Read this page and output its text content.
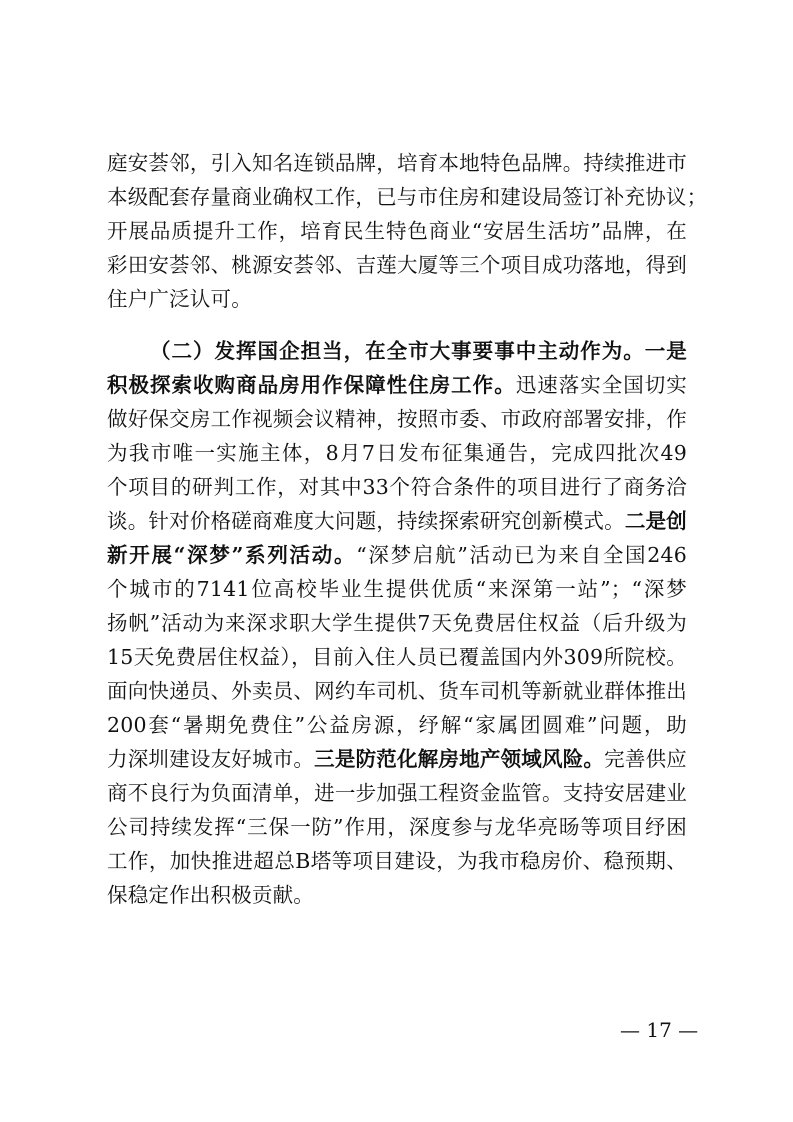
庭安荟邻，引入知名连锁品牌，培育本地特色品牌。持续推进市
本级配套存量商业确权工作，已与市住房和建设局签订补充协议；
开展品质提升工作，培育民生特色商业“安居生活坊”品牌，在
彩田安荟邻、桃源安荟邻、吉莲大厦等三个项目成功落地，得到
住户广泛认可。
（二）发挥国企担当，在全市大事要事中主动作为。一是
积极探索收购商品房用作保障性住房工作。迅速落实全国切实
做好保交房工作视频会议精神，按照市委、市政府部署安排，作
为我市唯一实施主体，8月7日发布征集通告，完成四批次49
个项目的研判工作，对其中33个符合条件的项目进行了商务洽
谈。针对价格磋商难度大问题，持续探索研究创新模式。二是创
新开展“深梦”系列活动。“深梦启航”活动已为来自全国246
个城市的7141位高校毕业生提供优质“来深第一站”；“深梦
扬帆”活动为来深求职大学生提供7天免费居住权益（后升级为
15天免费居住权益），目前入住人员已覆盖国内外309所院校。
面向快递员、外卖员、网约车司机、货车司机等新就业群体推出
200套“暑期免费住”公益房源，纾解“家属团圆难”问题，助
力深圳建设友好城市。三是防范化解房地产领域风险。完善供应
商不良行为负面清单，进一步加强工程资金监管。支持安居建业
公司持续发挥“三保一防”作用，深度参与龙华亮旸等项目纾困
工作，加快推进超总B塔等项目建设，为我市稳房价、稳预期、
保稳定作出积极贡献。
— 17 —
